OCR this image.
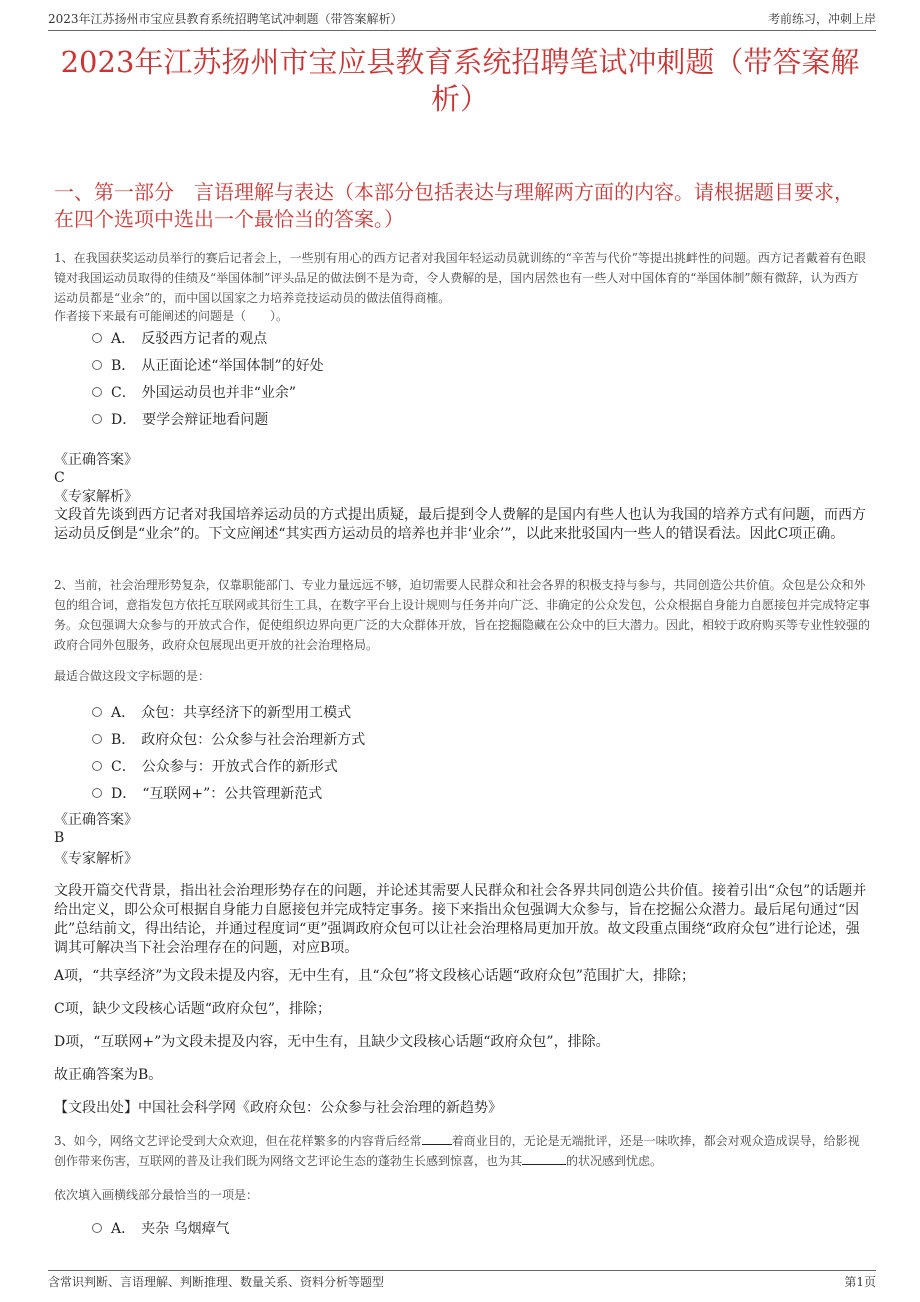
2023年江苏扬州市宝应县教育系统招聘笔试冲刺题（带答案解析）	考前练习，冲刺上岸
2023年江苏扬州市宝应县教育系统招聘笔试冲刺题（带答案解析）
一、第一部分　言语理解与表达（本部分包括表达与理解两方面的内容。请根据题目要求，在四个选项中选出一个最恰当的答案。）
1、在我国获奖运动员举行的赛后记者会上，一些别有用心的西方记者对我国年轻运动员就训练的“辛苦与代价”等提出挑衅性的问题。西方记者戴着有色眼镜对我国运动员取得的佳绩及“举国体制”评头品足的做法倒不是为奇，令人费解的是，国内居然也有一些人对中国体育的“举国体制”颇有微辞，认为西方运动员都是“业余”的，而中国以国家之力培养竞技运动员的做法值得商榷。
作者接下来最有可能阐述的问题是（　　）。
A． 反驳西方记者的观点
B． 从正面论述“举国体制”的好处
C． 外国运动员也并非“业余”
D． 要学会辩证地看问题
《正确答案》
C
《专家解析》
文段首先谈到西方记者对我国培养运动员的方式提出质疑，最后提到令人费解的是国内有些人也认为我国的培养方式有问题，而西方运动员反倒是“业余”的。下文应阐述“其实西方运动员的培养也并非‘业余’”，以此来批驳国内一些人的错误看法。因此C项正确。
2、当前，社会治理形势复杂，仅靠职能部门、专业力量远远不够，迫切需要人民群众和社会各界的积极支持与参与，共同创造公共价值。众包是公众和外包的组合词，意指发包方依托互联网或其衍生工具，在数字平台上设计规则与任务并向广泛、非确定的公众发包，公众根据自身能力自愿接包并完成特定事务。众包强调大众参与的开放式合作，促使组织边界向更广泛的大众群体开放，旨在挖掘隐藏在公众中的巨大潜力。因此，相较于政府购买等专业性较强的政府合同外包服务，政府众包展现出更开放的社会治理格局。
最适合做这段文字标题的是：
A． 众包：共享经济下的新型用工模式
B． 政府众包：公众参与社会治理新方式
C． 公众参与：开放式合作的新形式
D． “互联网+”：公共管理新范式
《正确答案》
B
《专家解析》
文段开篇交代背景，指出社会治理形势存在的问题，并论述其需要人民群众和社会各界共同创造公共价值。接着引出“众包”的话题并给出定义，即公众可根据自身能力自愿接包并完成特定事务。接下来指出众包强调大众参与，旨在挖掘公众潜力。最后尾句通过“因此”总结前文，得出结论，并通过程度词“更”强调政府众包可以让社会治理格局更加开放。故文段重点围绕“政府众包”进行论述，强调其可解决当下社会治理存在的问题，对应B项。
A项，“共享经济”为文段未提及内容，无中生有，且“众包”将文段核心话题“政府众包”范围扩大，排除；
C项，缺少文段核心话题“政府众包”，排除；
D项，“互联网+”为文段未提及内容，无中生有，且缺少文段核心话题“政府众包”，排除。
故正确答案为B。
【文段出处】中国社会科学网《政府众包：公众参与社会治理的新趋势》
3、如今，网络文艺评论受到大众欢迎，但在花样繁多的内容背后经常	着商业目的，无论是无端批评，还是一味吹捧，都会对观众造成误导，给影视创作带来伤害，互联网的普及让我们既为网络文艺评论生态的蓬勃生长感到惊喜，也为其	的状况感到忧虑。
依次填入画横线部分最恰当的一项是：
A． 夹杂 乌烟瘴气
含常识判断、言语理解、判断推理、数量关系、资料分析等题型	第1页
